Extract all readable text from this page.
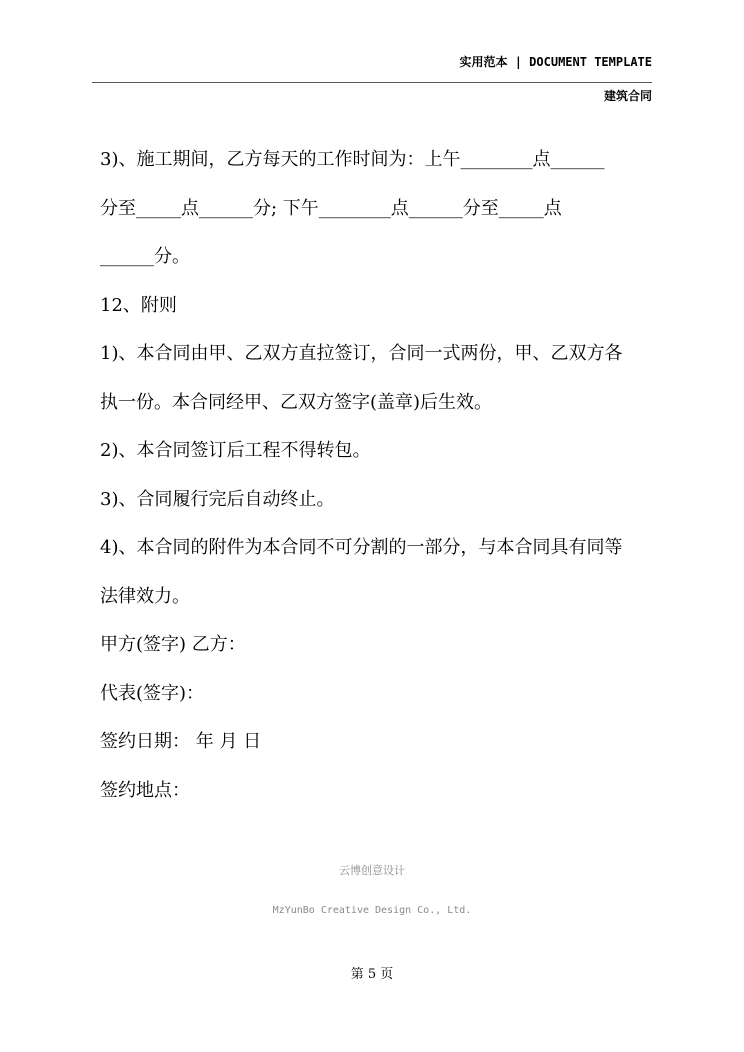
实用范本 | DOCUMENT TEMPLATE
建筑合同
3)、施工期间，乙方每天的工作时间为：上午________点______
分至_____点______分; 下午________点______分至_____点
______分。
12、附则
1)、本合同由甲、乙双方直拉签订，合同一式两份，甲、乙双方各
执一份。本合同经甲、乙双方签字(盖章)后生效。
2)、本合同签订后工程不得转包。
3)、合同履行完后自动终止。
4)、本合同的附件为本合同不可分割的一部分，与本合同具有同等
法律效力。
甲方(签字) 乙方：
代表(签字)：
签约日期： 年 月 日
签约地点：
云博创意设计
MzYunBo Creative Design Co., Ltd.
第 5 页
